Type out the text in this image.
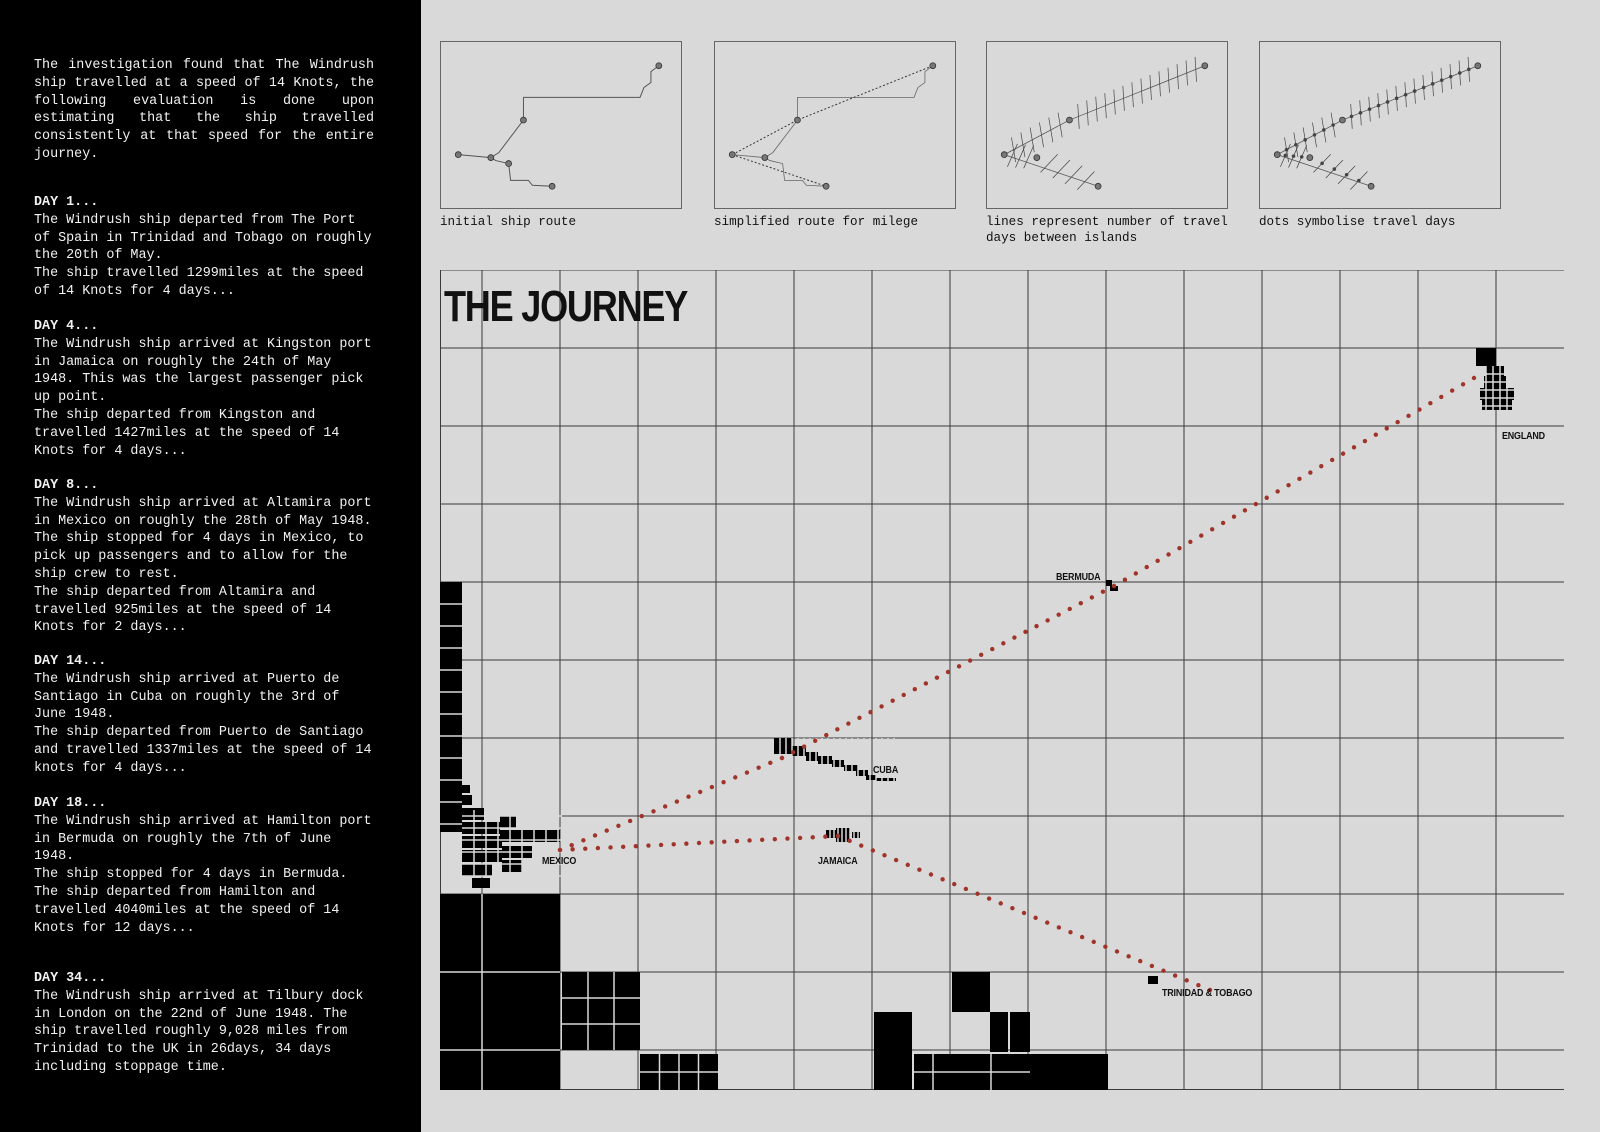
The investigation found that The Windrush ship travelled at a speed of 14 Knots, the following evaluation is done upon estimating that the ship travelled consistently at that speed for the entire journey.

DAY 1...

The Windrush ship departed from The Port of Spain in Trinidad and Tobago on roughly the 20th of May.
The ship travelled 1299miles at the speed of 14 Knots for 4 days...

DAY 4...

The Windrush ship arrived at Kingston port in Jamaica on roughly the 24th of May 1948. This was the largest passenger pick up point.
The ship departed from Kingston and travelled 1427miles at the speed of 14 Knots for 4 days...

DAY 8...

The Windrush ship arrived at Altamira port in Mexico on roughly the 28th of May 1948. The ship stopped for 4 days in Mexico, to pick up passengers and to allow for the ship crew to rest.
The ship departed from Altamira and travelled 925miles at the speed of 14 Knots for 2 days...

DAY 14...

The Windrush ship arrived at Puerto de Santiago in Cuba on roughly the 3rd of June 1948.
The ship departed from Puerto de Santiago and travelled 1337miles at the speed of 14 knots for 4 days...

DAY 18...

The Windrush ship arrived at Hamilton port in Bermuda on roughly the 7th of June 1948.
The ship stopped for 4 days in Bermuda.
The ship departed from Hamilton and travelled 4040miles at the speed of 14 Knots for 12 days...

DAY 34...

The Windrush ship arrived at Tilbury dock in London on the 22nd of June 1948. The ship travelled roughly 9,028 miles from Trinidad to the UK in 26days, 34 days including stoppage time.

initial ship route	simplified route for milege	lines represent number of travel days between islands
dots symbolise travel days
THE JOURNEY
ENGLAND
BERMUDA
CUBA
JAMAICA
MEXICO
TRINIDAD & TOBAGO
